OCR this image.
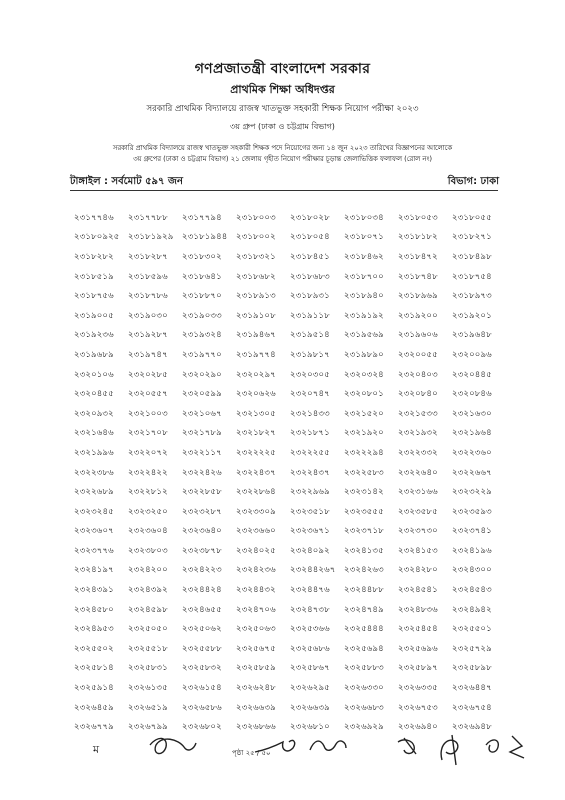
গণপ্রজাতন্ত্রী বাংলাদেশ সরকার
প্রাথমিক শিক্ষা অধিদপ্তর
সরকারি প্রাথমিক বিদ্যালয়ে রাজস্ব খাতভুক্ত সহকারী শিক্ষক নিয়োগ পরীক্ষা ২০২৩
৩য় গ্রুপ (ঢাকা ও চট্টগ্রাম বিভাগ)
সরকারি প্রাথমিক বিদ্যালয়ে রাজস্ব খাতভুক্ত সহকারী শিক্ষক পদে নিয়োগের জন্য ১৪ জুন ২০২৩ তারিখের বিজ্ঞাপনের আলোকে
৩য় গ্রুপের (ঢাকা ও চট্টগ্রাম বিভাগ) ২১ জেলায় গৃহীত নিয়োগ পরীক্ষার চূড়ান্ত জেলাভিত্তিক ফলাফল (রোল নং)
টাঙ্গাইল : সর্বমোট ৫৯৭ জন	বিভাগ: ঢাকা
২৩১৭৭৪৬	২৩১৭৭৮৮	২৩১৭৭৯৪	২৩১৮০০৩	২৩১৮০২৮	২৩১৮০৩৪	২৩১৮০৫৩	২৩১৮০৫৫
২৩১৮০৯২৫ ২৩১৮১৯২৯ ২৩১৮১৯৪৪ ২৩১৮০০২	২৩১৮০৫৪	২৩১৮০৭১	২৩১৮১৮২	২৩১৮২৭১
২৩১৮২৮২	২৩১৮২৮৭	২৩১৮৩০২	২৩১৮৩২১	২৩১৮৪৫১	২৩১৮৪৬২	২৩১৮৪৭২	২৩১৮৪৯৮
২৩১৮৫১৯	২৩১৮৫৯৬	২৩১৮৬৪১	২৩১৮৬৮২	২৩১৮৬৮৩	২৩১৮৭০০	২৩১৮৭৪৮	২৩১৮৭৫৪
২৩১৮৭৫৬	২৩১৮৭৮৬	২৩১৮৮৭০	২৩১৮৯১৩	২৩১৮৯৩১	২৩১৮৯৪০	২৩১৮৯৬৯	২৩১৮৯৭৩
২৩১৯০০৫	২৩১৯০৩০	২৩১৯০৩৩	২৩১৯১০৮	২৩১৯১১৮	২৩১৯১৯২	২৩১৯২০০	২৩১৯২০১
২৩১৯২৩৬	২৩১৯২৮৭	২৩১৯৩২৪	২৩১৯৪৬৭	২৩১৯৫১৪	২৩১৯৫৬৯	২৩১৯৬০৬	২৩১৯৬৪৮
২৩১৯৬৮৯	২৩১৯৭৪৭	২৩১৯৭৭০	২৩১৯৭৭৪	২৩১৯৮১৭	২৩১৯৮৯০	২৩২০০৫৫	২৩২০০৯৬
২৩২০১০৬	২৩২০২৮৫	২৩২০২৯০	২৩২০২৯৭	২৩২০৩০৫	২৩২০৩২৪	২৩২০৪০৩	২৩২০৪৪৫
২৩২০৪৫৫	২৩২০৫৫৭	২৩২০৫৯৯	২৩২০৬২৬	২৩২০৭৪৭	২৩২০৮০১	২৩২০৮৪০	২৩২০৮৪৬
২৩২০৯৩২	২৩২১০০৩	২৩২১০৬৭	২৩২১৩০৫	২৩২১৪৩৩	২৩২১৫২০	২৩২১৫৩৩	২৩২১৬৩০
২৩২১৬৪৬	২৩২১৭০৮	২৩২১৭৮৯	২৩২১৮২৭	২৩২১৮৭১	২৩২১৯২০	২৩২১৯৩২	২৩২১৯৬৪
২৩২১৯৯৬	২৩২২০৭২	২৩২২১১৭	২৩২২২২৫	২৩২২২৫৫	২৩২২২৯৪	২৩২২৩৩২	২৩২২৩৬০
২৩২২৩৮৬	২৩২২৪২২	২৩২২৪২৬	২৩২২৪৩৭	২৩২২৪৩৭	২৩২২৫৮৩	২৩২২৬৪০	২৩২২৬৬৭
২৩২২৬৮৯	২৩২২৮১২	২৩২২৮৫৮	২৩২২৮৬৪	২৩২২৯৬৯	২৩২৩১৪২	২৩২৩১৬৬	২৩২৩২২৯
২৩২৩২৪৫	২৩২৩২৫০	২৩২৩২৮৭	২৩২৩৩০৯	২৩২৩৫১৮	২৩২৩৫৫৫	২৩২৩৫৮৫	২৩২৩৫৯৩
২৩২৩৬০৭	২৩২৩৬০৪	২৩২৩৬৪০	২৩২৩৬৬০	২৩২৩৬৭১	২৩২৩৭১৮	২৩২৩৭৩০	২৩২৩৭৪১
২৩২৩৭৭৬	২৩২৩৮০৩	২৩২৩৮৭৮	২৩২৪০২৫	২৩২৪০৯২	২৩২৪১৩৫	২৩২৪১৫৩	২৩২৪১৯৬
২৩২৪১৯৭	২৩২৪২০০	২৩২৪২২৩	২৩২৪২৩৬	২৩২৪৪২৬৭ ২৩২৪২৬৩	২৩২৪২৮০	২৩২৪৩০০
২৩২৪৩৯১	২৩২৪৩৯২	২৩২৪৪২৪	২৩২৪৪৩২	২৩২৪৪৭৬	২৩২৪৪৮৮	২৩২৪৫৪১	২৩২৪৫৪৩
২৩২৪৫৮০	২৩২৪৫৯৮	২৩২৪৬৫৫	২৩২৪৭০৬	২৩২৪৭৩৮	২৩২৪৭৪৯	২৩২৪৮৩৬	২৩২৪৯৪২
২৩২৪৯৫৩	২৩২৫০৫০	২৩২৫০৬২	২৩২৫০৬৩	২৩২৫৩৬৬	২৩২৫৪৪৪	২৩২৫৪৫৪	২৩২৫৫০১
২৩২৫৫০২	২৩২৫৫১৮	২৩২৫৫৮৮	২৩২৫৬৭৫	২৩২৫৬৮৬	২৩২৫৬৯৪	২৩২৫৬৯৬	২৩২৫৭২৯
২৩২৫৮১৪	২৩২৫৮৩১	২৩২৫৮৩২	২৩২৫৮৫৯	২৩২৫৮৬৭	২৩২৫৮৮৩	২৩২৫৮৯৭	২৩২৫৮৯৮
২৩২৫৯১৪	২৩২৬১৩৫	২৩২৬১৫৪	২৩২৬২৪৮	২৩২৬২৯৫	২৩২৬৩৩০	২৩২৬৩৩৫	২৩২৬৪৪৭
২৩২৬৪৫৯	২৩২৬৫১৯	২৩২৬৫৮৬	২৩২৬৬৩৯	২৩২৬৬৩৯	২৩২৬৬৮৩	২৩২৬৭৫৩	২৩২৬৭৫৪
২৩২৬৭৭৯	২৩২৬৭৯৯	২৩২৬৮০২	২৩২৬৮৬৬	২৩২৬৮১০	২৩২৬৯২৯	২৩২৬৯৪০	২৩২৬৯৪৮
ম	পৃষ্ঠা ২৫ / ৫০
